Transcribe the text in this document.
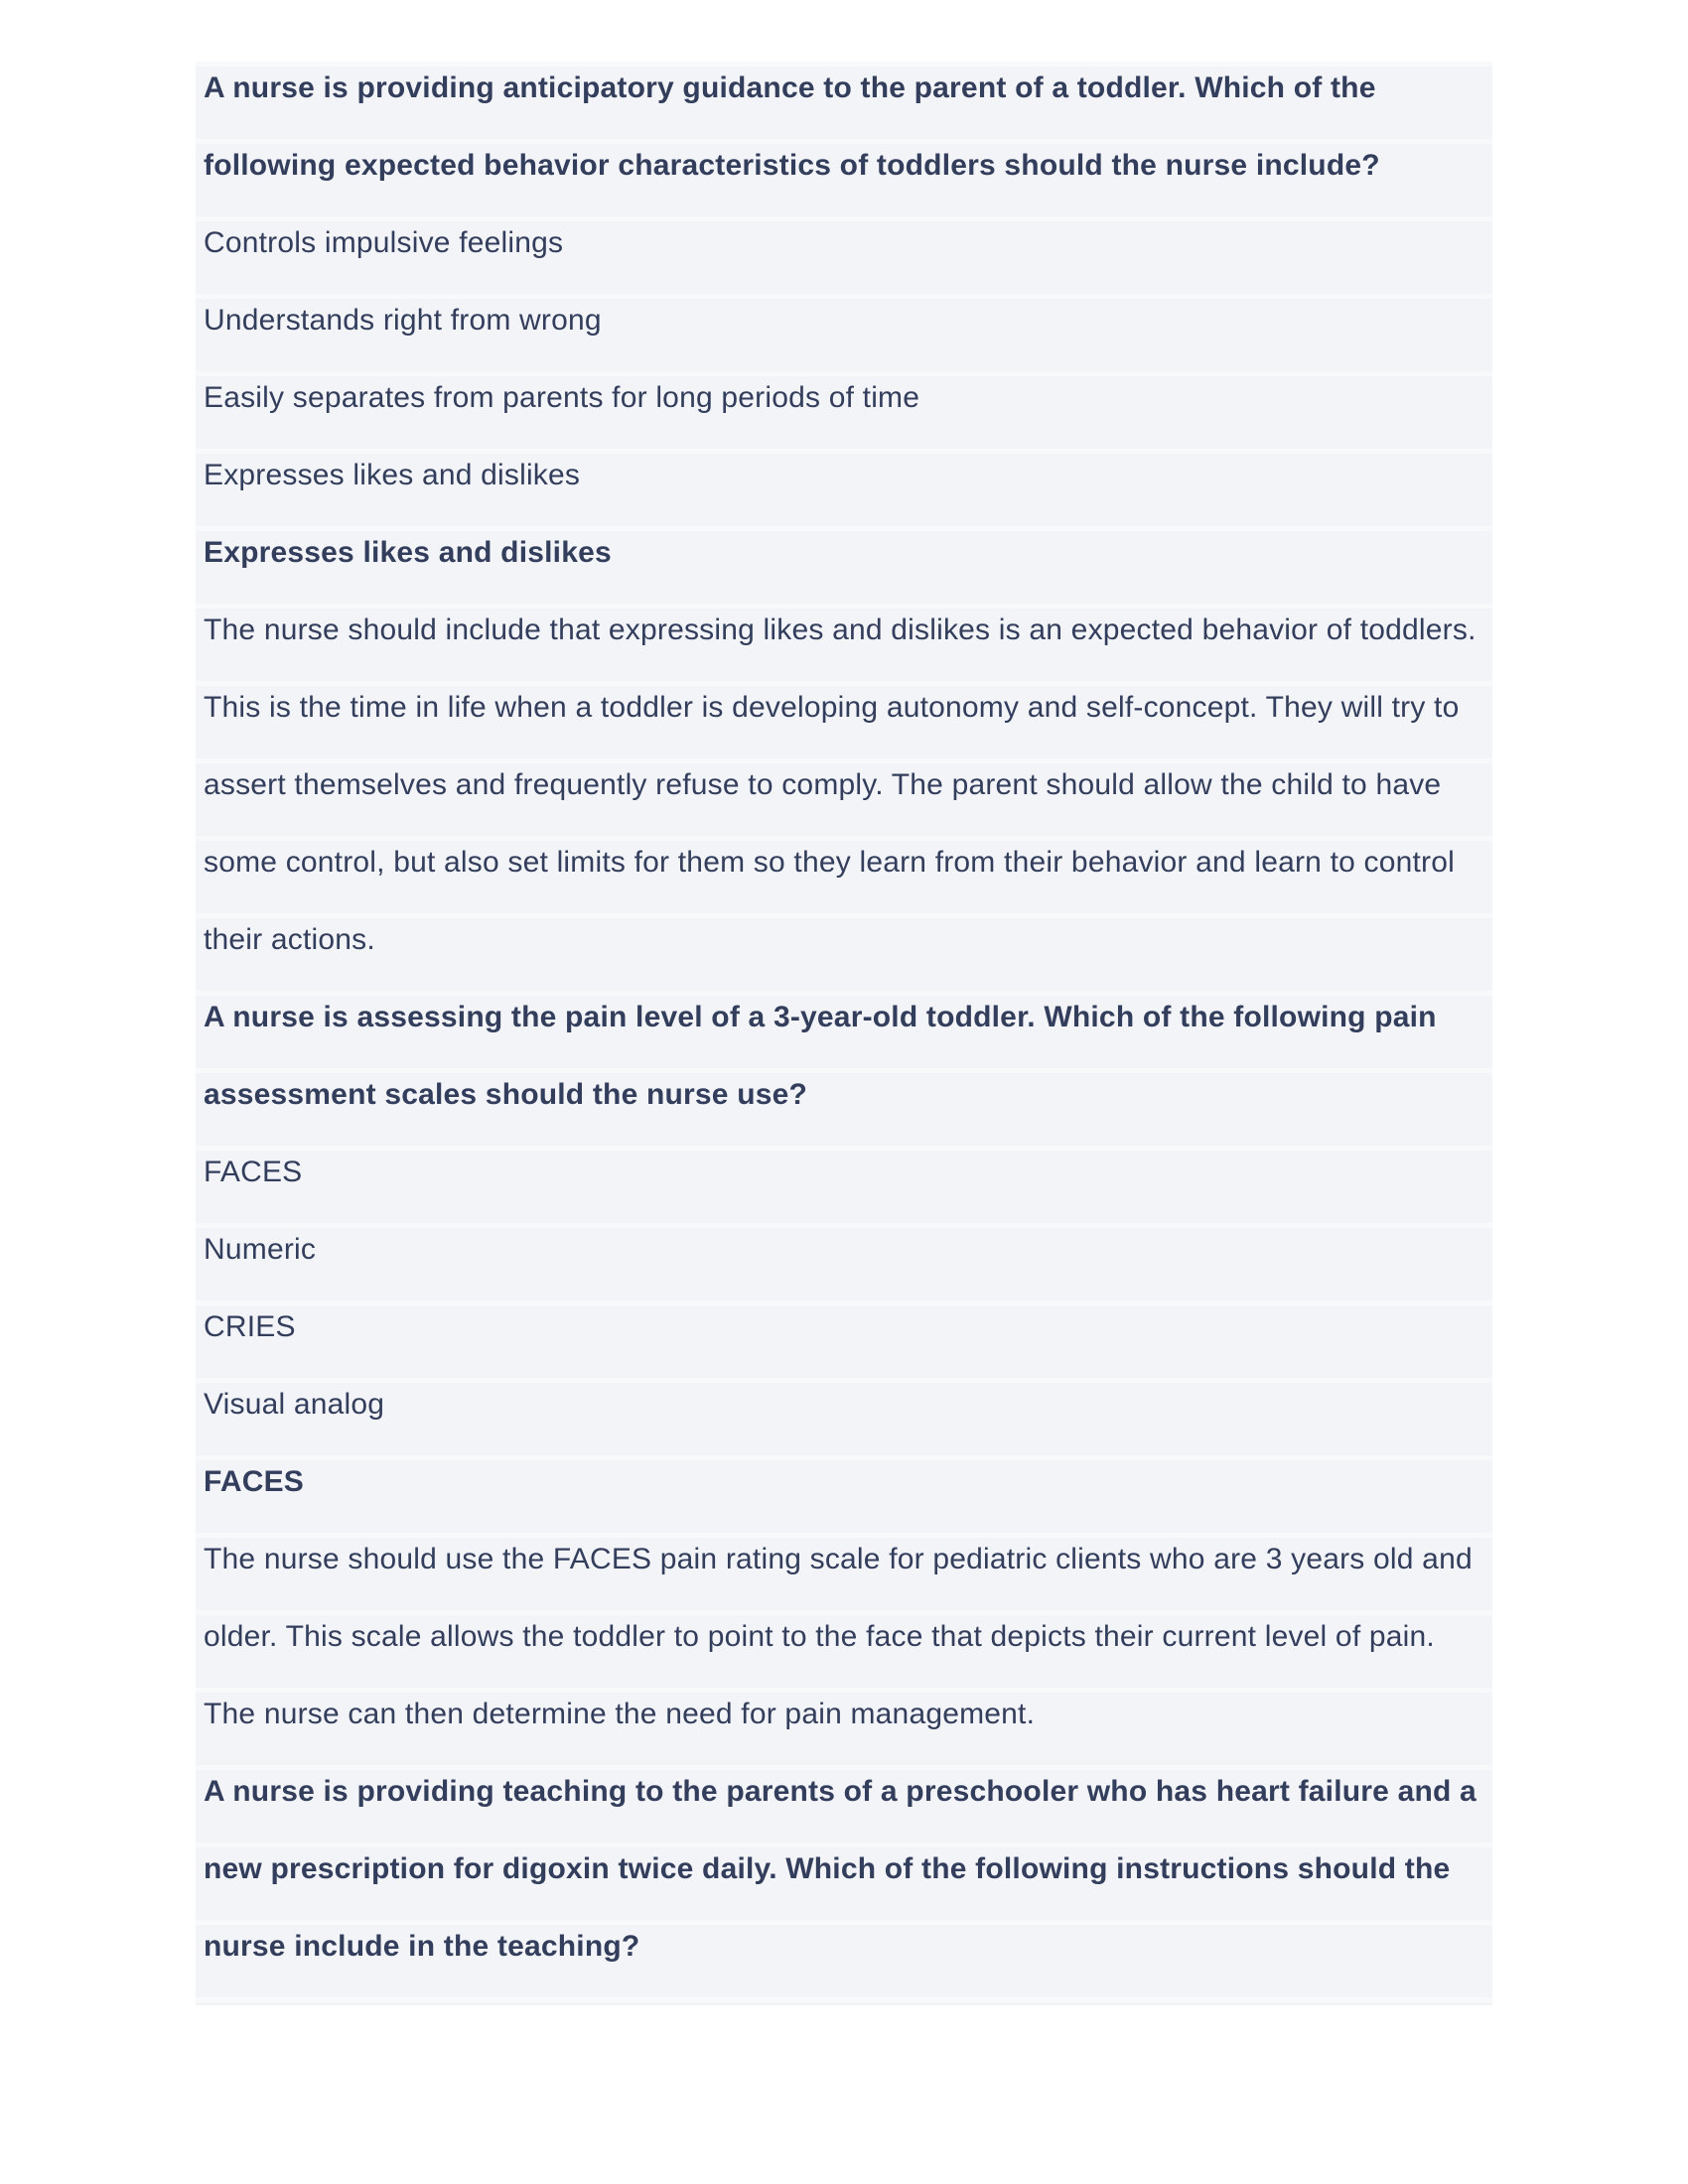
A nurse is providing anticipatory guidance to the parent of a toddler. Which of the following expected behavior characteristics of toddlers should the nurse include?

Controls impulsive feelings

Understands right from wrong

Easily separates from parents for long periods of time

Expresses likes and dislikes

Expresses likes and dislikes

The nurse should include that expressing likes and dislikes is an expected behavior of toddlers. This is the time in life when a toddler is developing autonomy and self-concept. They will try to assert themselves and frequently refuse to comply. The parent should allow the child to have some control, but also set limits for them so they learn from their behavior and learn to control their actions.

A nurse is assessing the pain level of a 3-year-old toddler. Which of the following pain assessment scales should the nurse use?

FACES

Numeric

CRIES

Visual analog

FACES

The nurse should use the FACES pain rating scale for pediatric clients who are 3 years old and older. This scale allows the toddler to point to the face that depicts their current level of pain. The nurse can then determine the need for pain management.

A nurse is providing teaching to the parents of a preschooler who has heart failure and a new prescription for digoxin twice daily. Which of the following instructions should the nurse include in the teaching?
